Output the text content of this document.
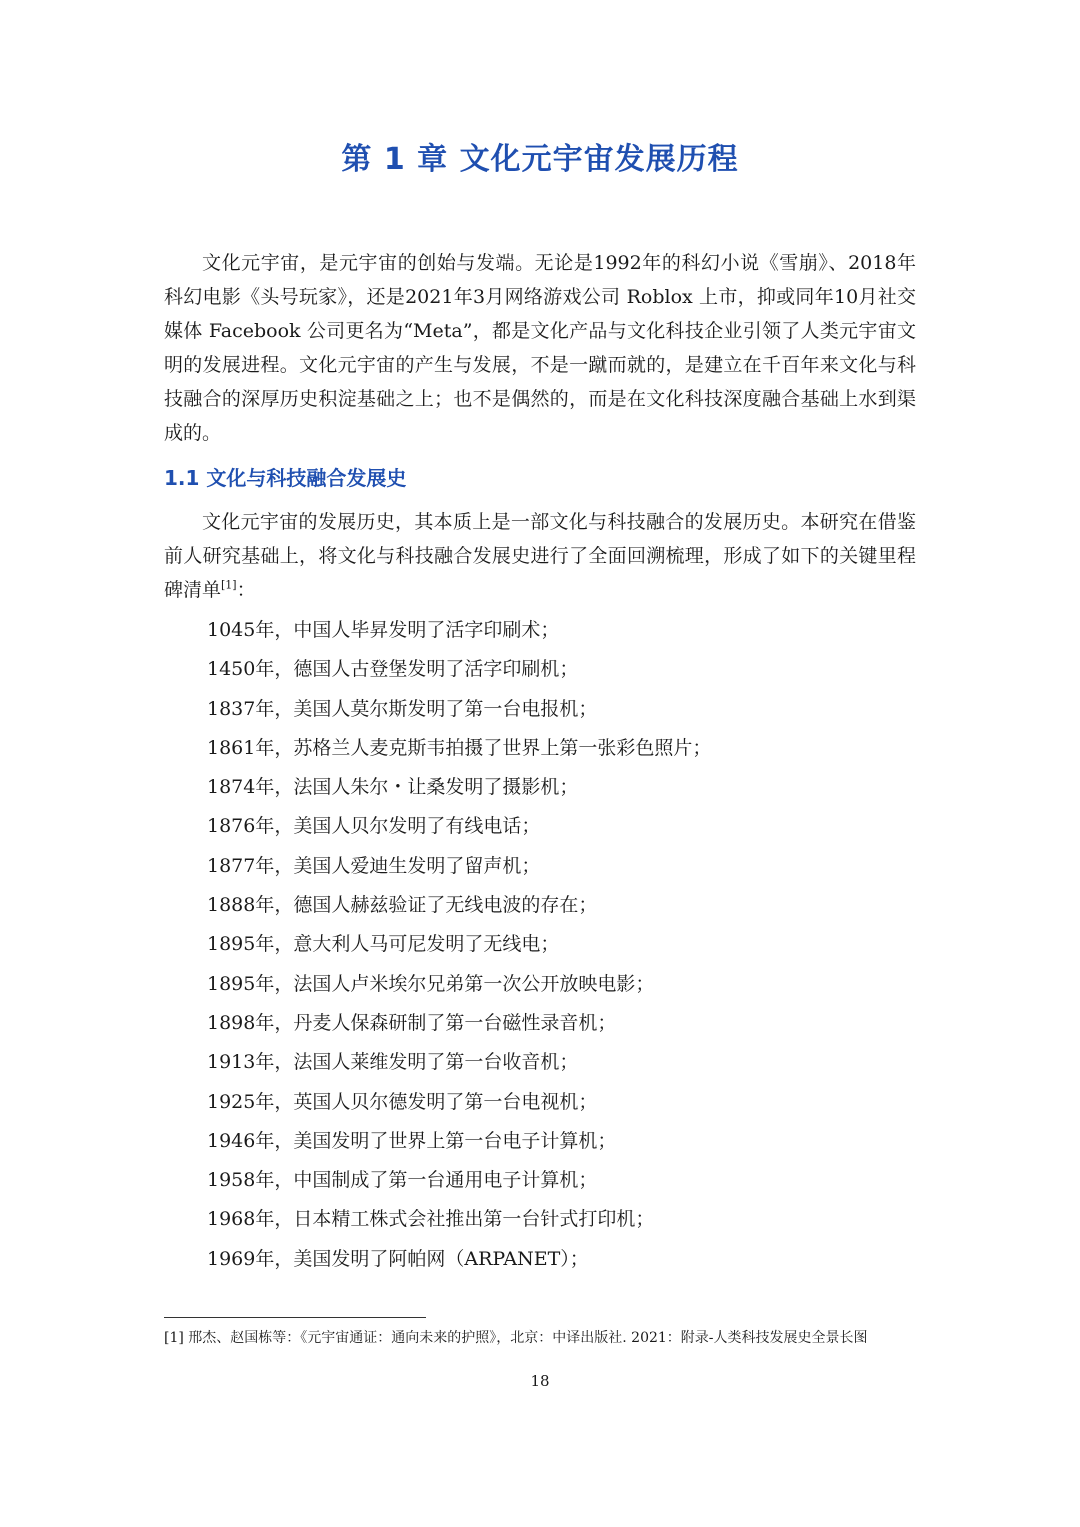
第 1 章 文化元宇宙发展历程

文化元宇宙，是元宇宙的创始与发端。无论是1992年的科幻小说《雪崩》、2018年科幻电影《头号玩家》，还是2021年3月网络游戏公司 Roblox 上市，抑或同年10月社交媒体 Facebook 公司更名为“Meta”，都是文化产品与文化科技企业引领了人类元宇宙文明的发展进程。文化元宇宙的产生与发展，不是一蹴而就的，是建立在千百年来文化与科技融合的深厚历史积淀基础之上；也不是偶然的，而是在文化科技深度融合基础上水到渠成的。

1.1 文化与科技融合发展史

文化元宇宙的发展历史，其本质上是一部文化与科技融合的发展历史。本研究在借鉴前人研究基础上，将文化与科技融合发展史进行了全面回溯梳理，形成了如下的关键里程碑清单[1]：

1045年，中国人毕昇发明了活字印刷术；
1450年，德国人古登堡发明了活字印刷机；
1837年，美国人莫尔斯发明了第一台电报机；
1861年，苏格兰人麦克斯韦拍摄了世界上第一张彩色照片；
1874年，法国人朱尔・让桑发明了摄影机；
1876年，美国人贝尔发明了有线电话；
1877年，美国人爱迪生发明了留声机；
1888年，德国人赫兹验证了无线电波的存在；
1895年，意大利人马可尼发明了无线电；
1895年，法国人卢米埃尔兄弟第一次公开放映电影；
1898年，丹麦人保森研制了第一台磁性录音机；
1913年，法国人莱维发明了第一台收音机；
1925年，英国人贝尔德发明了第一台电视机；
1946年，美国发明了世界上第一台电子计算机；
1958年，中国制成了第一台通用电子计算机；
1968年，日本精工株式会社推出第一台针式打印机；
1969年，美国发明了阿帕网（ARPANET）；

[1] 邢杰、赵国栋等：《元宇宙通证：通向未来的护照》，北京：中译出版社. 2021：附录-人类科技发展史全景长图

18
